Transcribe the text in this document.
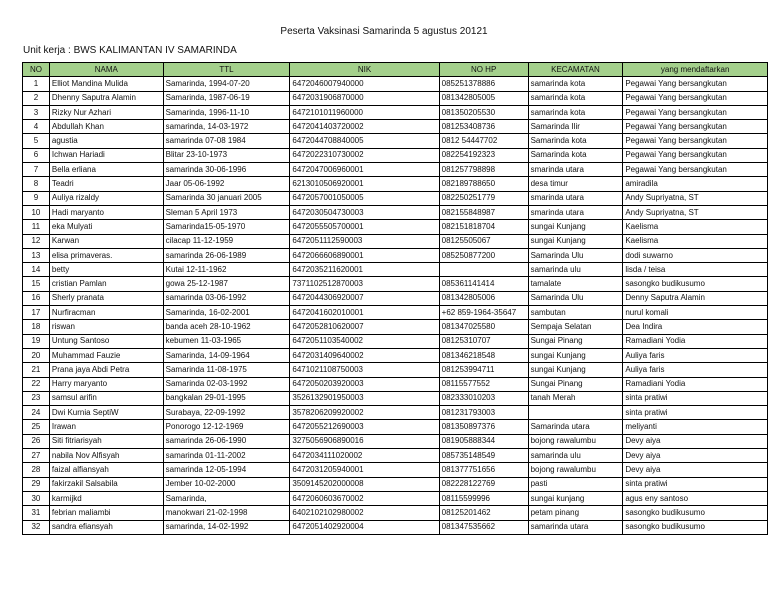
Peserta Vaksinasi Samarinda 5 agustus 20121
Unit kerja : BWS KALIMANTAN IV SAMARINDA
NO	NAMA	TTL	NIK	NO HP	KECAMATAN	yang mendaftarkan
1	Elliot Mandina Mulida	Samarinda, 1994-07-20	6472046007940000	085251378886	samarinda kota	Pegawai Yang bersangkutan
2	Dhenny Saputra Alamin	Samarinda, 1987-06-19	6472031906870000	081342805005	samarinda kota	Pegawai Yang bersangkutan
3	Rizky Nur Azhari	Samarinda, 1996-11-10	6472101011960000	081350205530	samarinda kota	Pegawai Yang bersangkutan
4	Abdullah Khan	samarinda, 14-03-1972	6472041403720002	081253408736	Samarinda Ilir	Pegawai Yang bersangkutan
5	agustia	samarinda 07-08 1984	6472044708840005	0812 54447702	Samarinda kota	Pegawai Yang bersangkutan
6	Ichwan Hariadi	Blitar 23-10-1973	6472022310730002	082254192323	Samarinda kota	Pegawai Yang bersangkutan
7	Bella erliana	samarinda 30-06-1996	6472047006960001	081257798898	smarinda utara	Pegawai Yang bersangkutan
8	Teadri	Jaar 05-06-1992	6213010506920001	082189788650	desa timur	amiradila
9	Auliya rizaldy	Samarinda 30 januari 2005	6472057001050005	082250251779	smarinda utara	Andy Supriyatna, ST
10	Hadi maryanto	Sleman 5 April 1973	6472030504730003	082155848987	smarinda utara	Andy Supriyatna, ST
11	eka Mulyati	Samarinda15-05-1970	6472055505700001	082151818704	sungai Kunjang	Kaelisma
12	Karwan	cilacap 11-12-1959	6472051112590003	08125505067	sungai Kunjang	Kaelisma
13	elisa primaveras.	samarinda 26-06-1989	6472066606890001	085250877200	Samarinda Ulu	dodi suwarno
14	betty	Kutai 12-11-1962	6472035211620001		samarinda ulu	lisda / teisa
15	cristian Pamlan	gowa 25-12-1987	7371102512870003	085361141414	tamalate	sasongko budikusumo
16	Sherly pranata	samarinda 03-06-1992	6472044306920007	081342805006	Samarinda Ulu	Denny Saputra Alamin
17	Nurfiracman	Samarinda, 16-02-2001	6472041602010001	+62 859-1964-35647	sambutan	nurul komali
18	riswan	banda aceh 28-10-1962	6472052810620007	081347025580	Sempaja Selatan	Dea Indira
19	Untung Santoso	kebumen 11-03-1965	6472051103540002	08125310707	Sungai Pinang	Ramadiani Yodia
20	Muhammad Fauzie	Samarinda, 14-09-1964	6472031409640002	081346218548	sungai Kunjang	Auliya faris
21	Prana jaya Abdi Petra	Samarinda 11-08-1975	6471021108750003	081253994711	sungai Kunjang	Auliya faris
22	Harry maryanto	Samarinda 02-03-1992	6472050203920003	08115577552	Sungai Pinang	Ramadiani Yodia
23	samsul arifin	bangkalan 29-01-1995	3526132901950003	082333010203	tanah Merah	sinta pratiwi
24	Dwi Kurnia SeptiW	Surabaya, 22-09-1992	3578206209920002	081231793003		sinta pratiwi
25	Irawan	Ponorogo 12-12-1969	6472055212690003	081350897376	Samarinda utara	meliyanti
26	Siti fitriarisyah	samarinda 26-06-1990	3275056906890016	081905888344	bojong rawalumbu	Devy aiya
27	nabila Nov Alfisyah	samarinda 01-11-2002	6472034111020002	085735148549	samarinda ulu	Devy aiya
28	faizal alfiansyah	samarinda 12-05-1994	6472031205940001	081377751656	bojong rawalumbu	Devy aiya
29	fakirzakil Salsabila	Jember 10-02-2000	3509145202000008	082228122769	pasti	sinta pratiwi
30	karmijkd	Samarinda,	6472060603670002	08115599996	sungai kunjang	agus eny santoso
31	febrian maliambi	manokwari 21-02-1998	6402102102980002	08125201462	petam pinang	sasongko budikusumo
32	sandra efiansyah	samarinda, 14-02-1992	6472051402920004	081347535662	samarinda utara	sasongko budikusumo
